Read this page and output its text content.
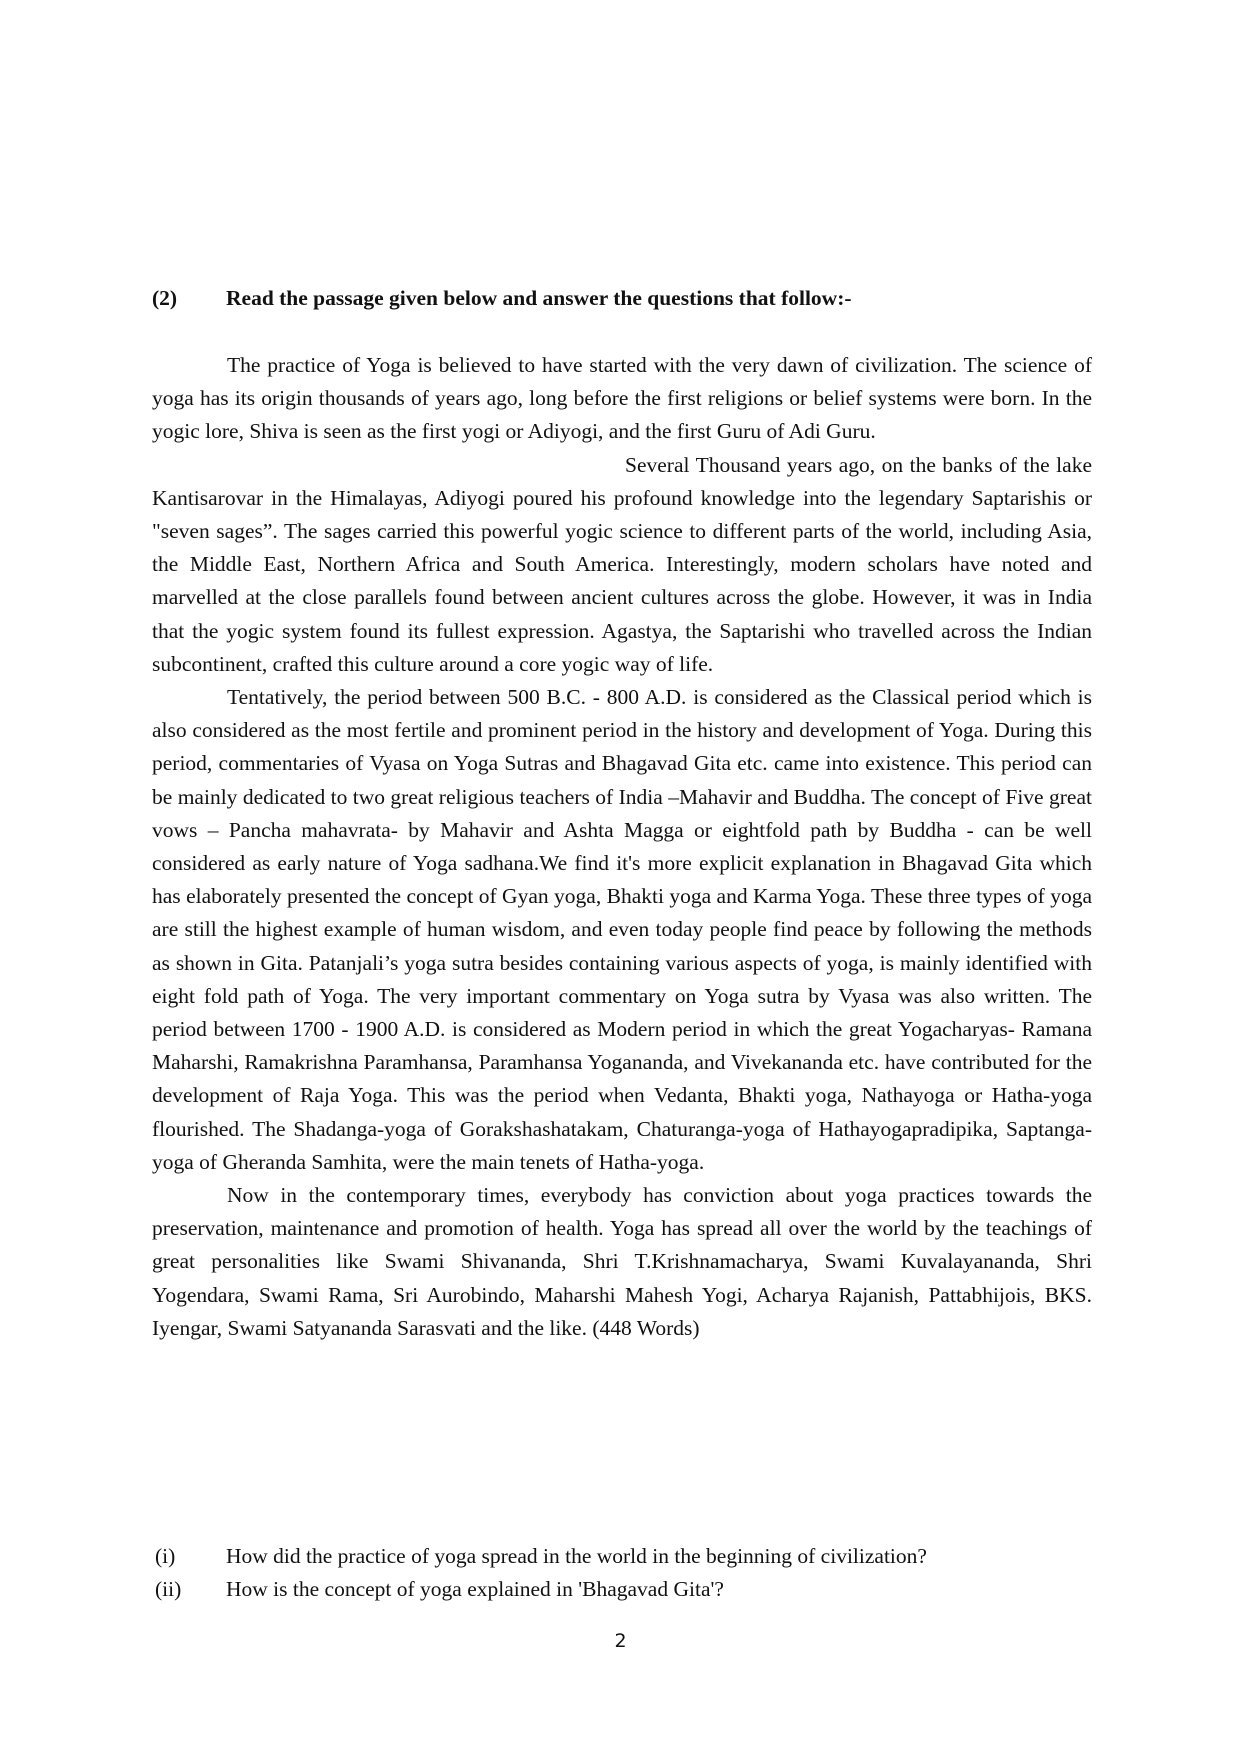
(2) Read the passage given below and answer the questions that follow:-

The practice of Yoga is believed to have started with the very dawn of civilization. The science of yoga has its origin thousands of years ago, long before the first religions or belief systems were born. In the yogic lore, Shiva is seen as the first yogi or Adiyogi, and the first Guru of Adi Guru.

Several Thousand years ago, on the banks of the lake Kantisarovar in the Himalayas, Adiyogi poured his profound knowledge into the legendary Saptarishis or "seven sages”. The sages carried this powerful yogic science to different parts of the world, including Asia, the Middle East, Northern Africa and South America. Interestingly, modern scholars have noted and marvelled at the close parallels found between ancient cultures across the globe. However, it was in India that the yogic system found its fullest expression. Agastya, the Saptarishi who travelled across the Indian subcontinent, crafted this culture around a core yogic way of life.

Tentatively, the period between 500 B.C. - 800 A.D. is considered as the Classical period which is also considered as the most fertile and prominent period in the history and development of Yoga. During this period, commentaries of Vyasa on Yoga Sutras and Bhagavad Gita etc. came into existence. This period can be mainly dedicated to two great religious teachers of India –Mahavir and Buddha. The concept of Five great vows – Pancha mahavrata- by Mahavir and Ashta Magga or eightfold path by Buddha - can be well considered as early nature of Yoga sadhana.We find it's more explicit explanation in Bhagavad Gita which has elaborately presented the concept of Gyan yoga, Bhakti yoga and Karma Yoga. These three types of yoga are still the highest example of human wisdom, and even today people find peace by following the methods as shown in Gita. Patanjali’s yoga sutra besides containing various aspects of yoga, is mainly identified with eight fold path of Yoga. The very important commentary on Yoga sutra by Vyasa was also written. The period between 1700 - 1900 A.D. is considered as Modern period in which the great Yogacharyas- Ramana Maharshi, Ramakrishna Paramhansa, Paramhansa Yogananda, and Vivekananda etc. have contributed for the development of Raja Yoga. This was the period when Vedanta, Bhakti yoga, Nathayoga or Hatha-yoga flourished. The Shadanga-yoga of Gorakshashatakam, Chaturanga-yoga of Hathayogapradipika, Saptanga-yoga of Gheranda Samhita, were the main tenets of Hatha-yoga.

Now in the contemporary times, everybody has conviction about yoga practices towards the preservation, maintenance and promotion of health. Yoga has spread all over the world by the teachings of great personalities like Swami Shivananda, Shri T.Krishnamacharya, Swami Kuvalayananda, Shri Yogendara, Swami Rama, Sri Aurobindo, Maharshi Mahesh Yogi, Acharya Rajanish, Pattabhijois, BKS. Iyengar, Swami Satyananda Sarasvati and the like. (448 Words)

(i)	How did the practice of yoga spread in the world in the beginning of civilization?
(ii)	How is the concept of yoga explained in 'Bhagavad Gita'?
2
